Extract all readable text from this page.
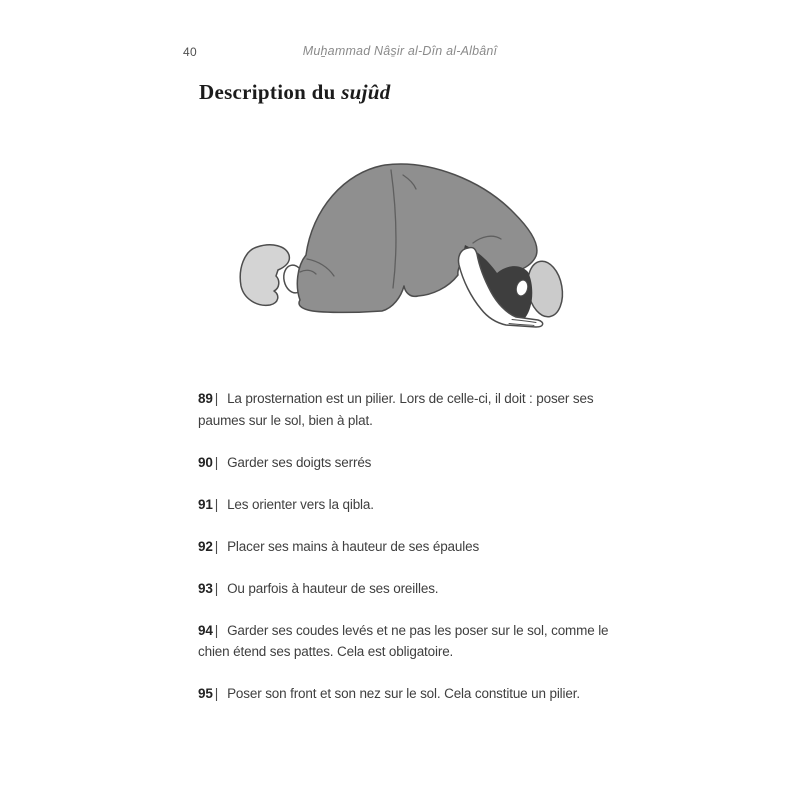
40	Muẖammad Nâs̱ir al-Dîn al-Albânî
Description du sujûd

89 | La prosternation est un pilier. Lors de celle-ci, il doit : poser ses paumes sur le sol, bien à plat.

90 | Garder ses doigts serrés

91 | Les orienter vers la qibla.

92 | Placer ses mains à hauteur de ses épaules

93 | Ou parfois à hauteur de ses oreilles.

94 | Garder ses coudes levés et ne pas les poser sur le sol, comme le chien étend ses pattes. Cela est obligatoire.

95 | Poser son front et son nez sur le sol. Cela constitue un pilier.
